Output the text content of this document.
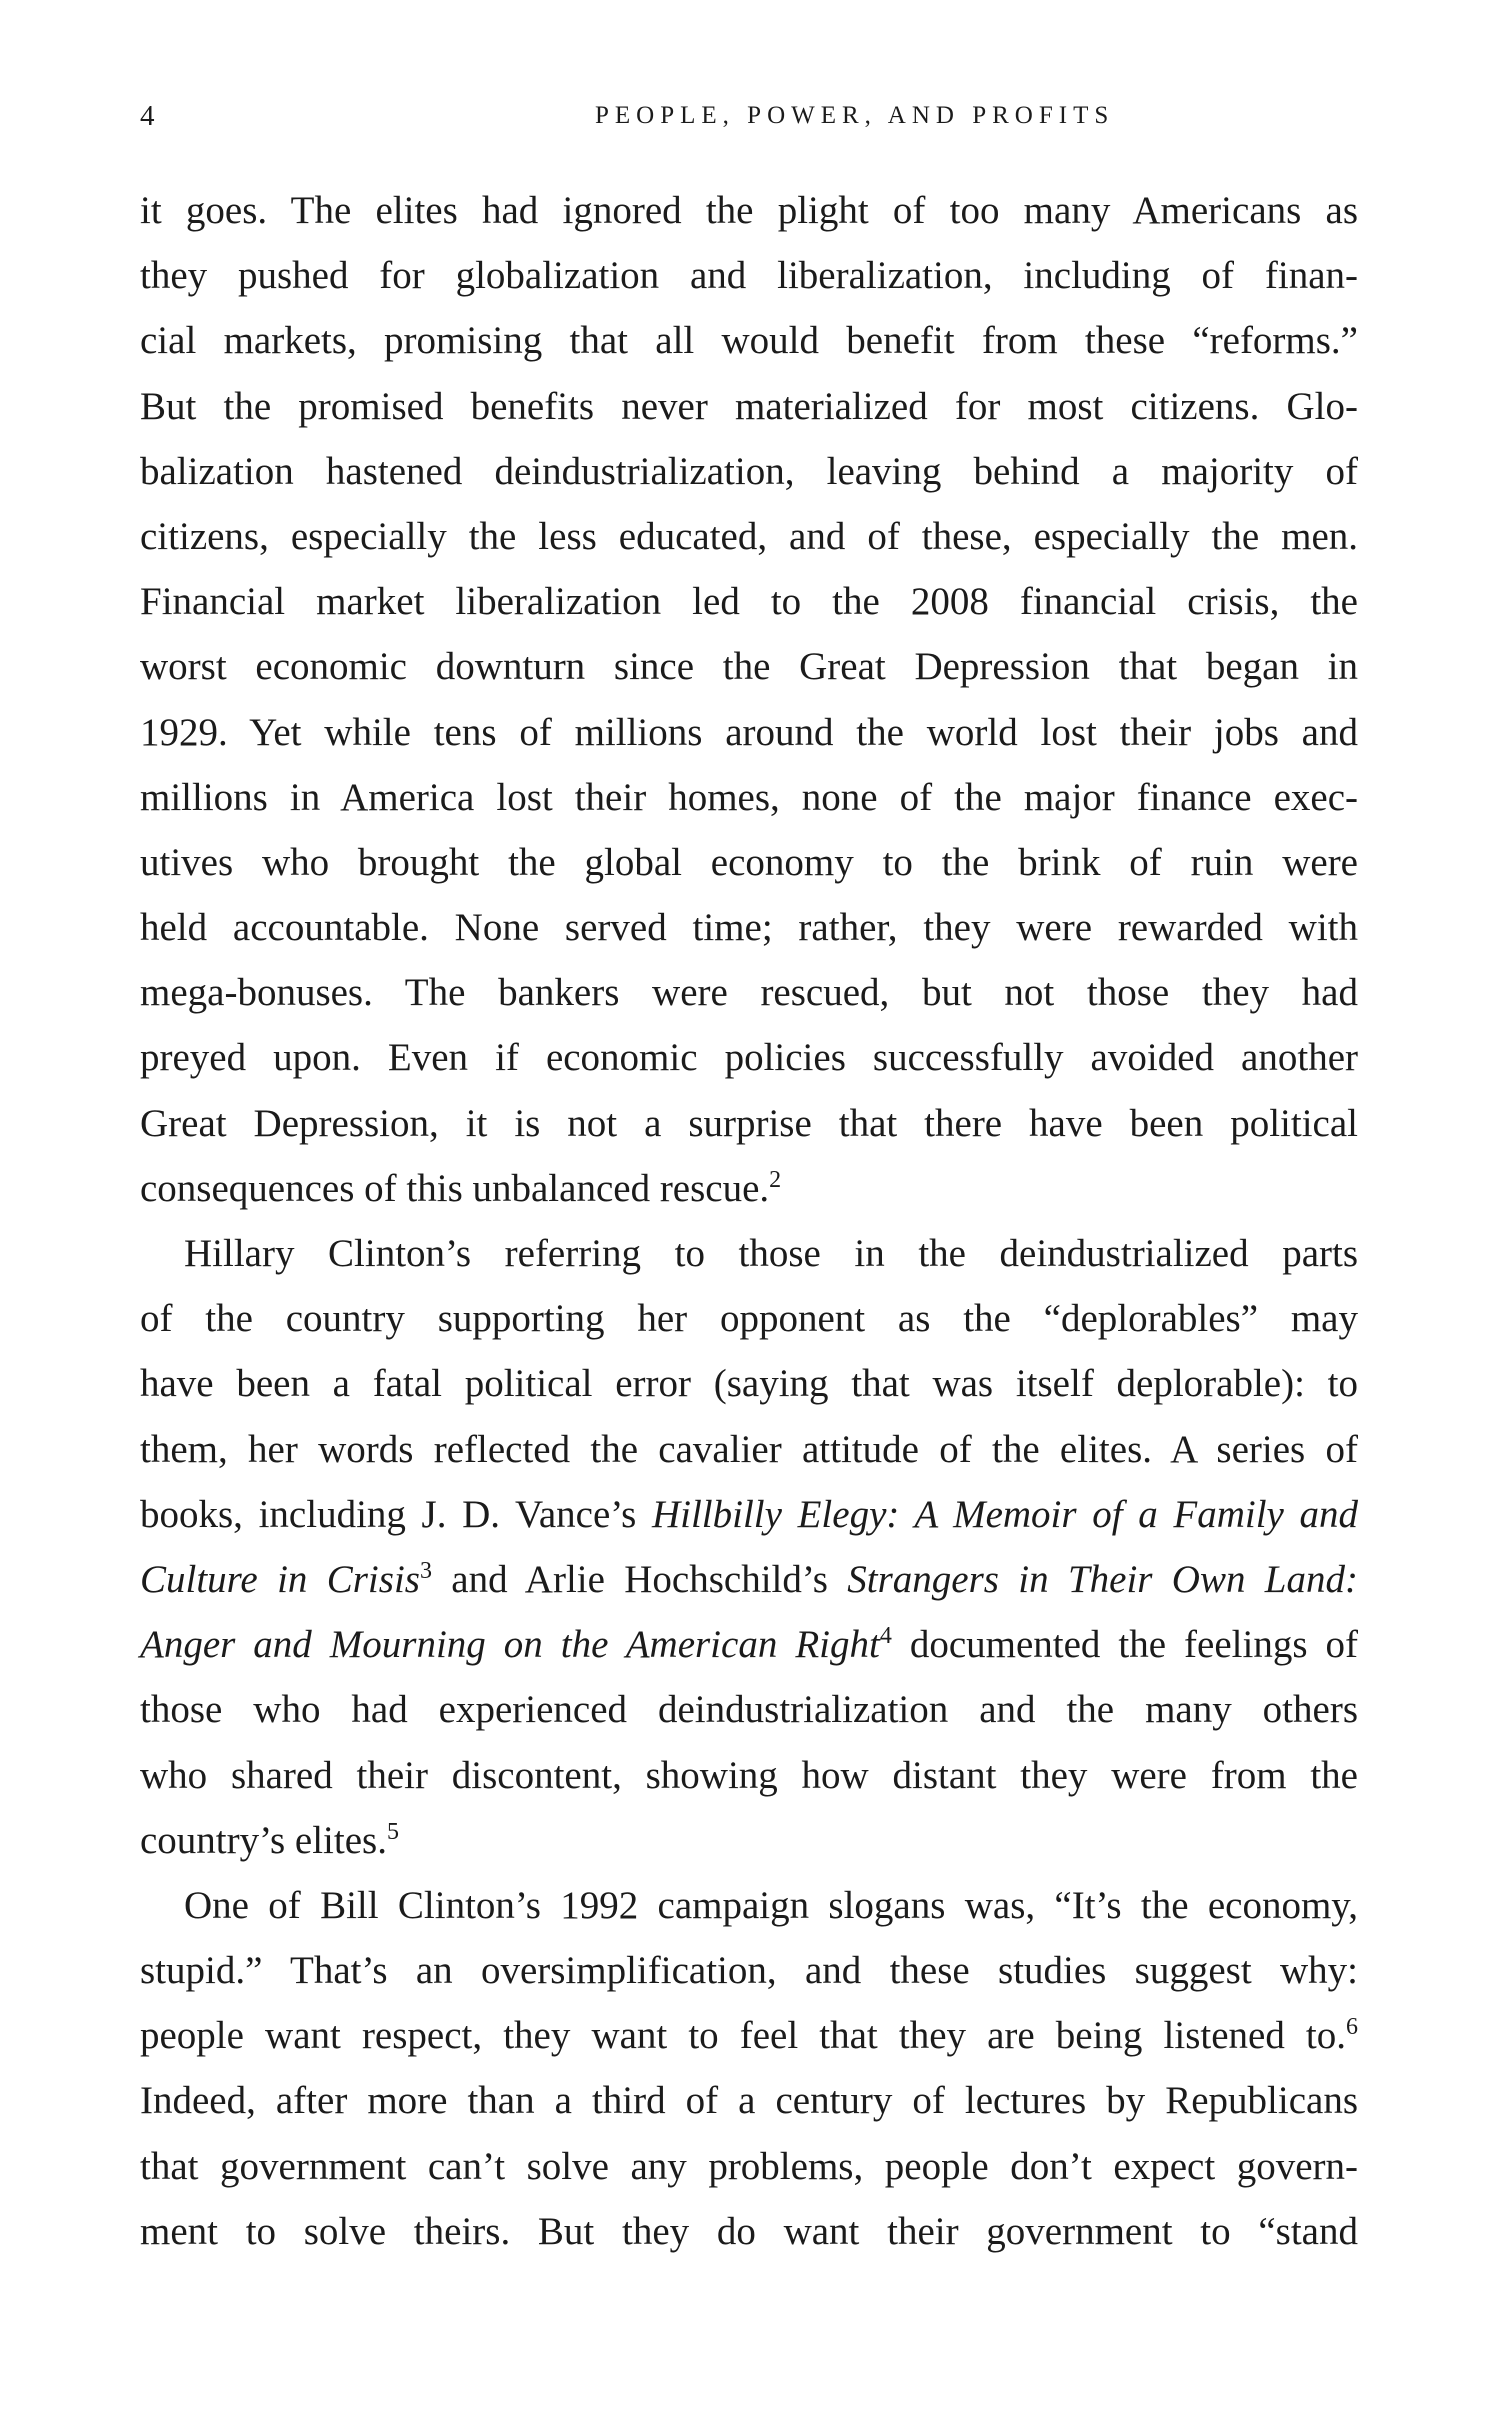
4	PEOPLE, POWER, AND PROFITS
it goes. The elites had ignored the plight of too many Americans as
they pushed for globalization and liberalization, including of finan-
cial markets, promising that all would benefit from these “reforms.”
But the promised benefits never materialized for most citizens. Glo-
balization hastened deindustrialization, leaving behind a majority of
citizens, especially the less educated, and of these, especially the men.
Financial market liberalization led to the 2008 financial crisis, the
worst economic downturn since the Great Depression that began in
1929. Yet while tens of millions around the world lost their jobs and
millions in America lost their homes, none of the major finance exec-
utives who brought the global economy to the brink of ruin were
held accountable. None served time; rather, they were rewarded with
mega-bonuses. The bankers were rescued, but not those they had
preyed upon. Even if economic policies successfully avoided another
Great Depression, it is not a surprise that there have been political
consequences of this unbalanced rescue.$^2$
Hillary Clinton’s referring to those in the deindustrialized parts
of the country supporting her opponent as the “deplorables” may
have been a fatal political error (saying that was itself deplorable): to
them, her words reflected the cavalier attitude of the elites. A series of
books, including J. D. Vance’s Hillbilly Elegy: A Memoir of a Family and
Culture in Crisis$^3$ and Arlie Hochschild’s Strangers in Their Own Land:
Anger and Mourning on the American Right$^4$ documented the feelings of
those who had experienced deindustrialization and the many others
who shared their discontent, showing how distant they were from the
country’s elites.$^5$
One of Bill Clinton’s 1992 campaign slogans was, “It’s the economy,
stupid.” That’s an oversimplification, and these studies suggest why:
people want respect, they want to feel that they are being listened to.$^6$
Indeed, after more than a third of a century of lectures by Republicans
that government can’t solve any problems, people don’t expect govern-
ment to solve theirs. But they do want their government to “stand
